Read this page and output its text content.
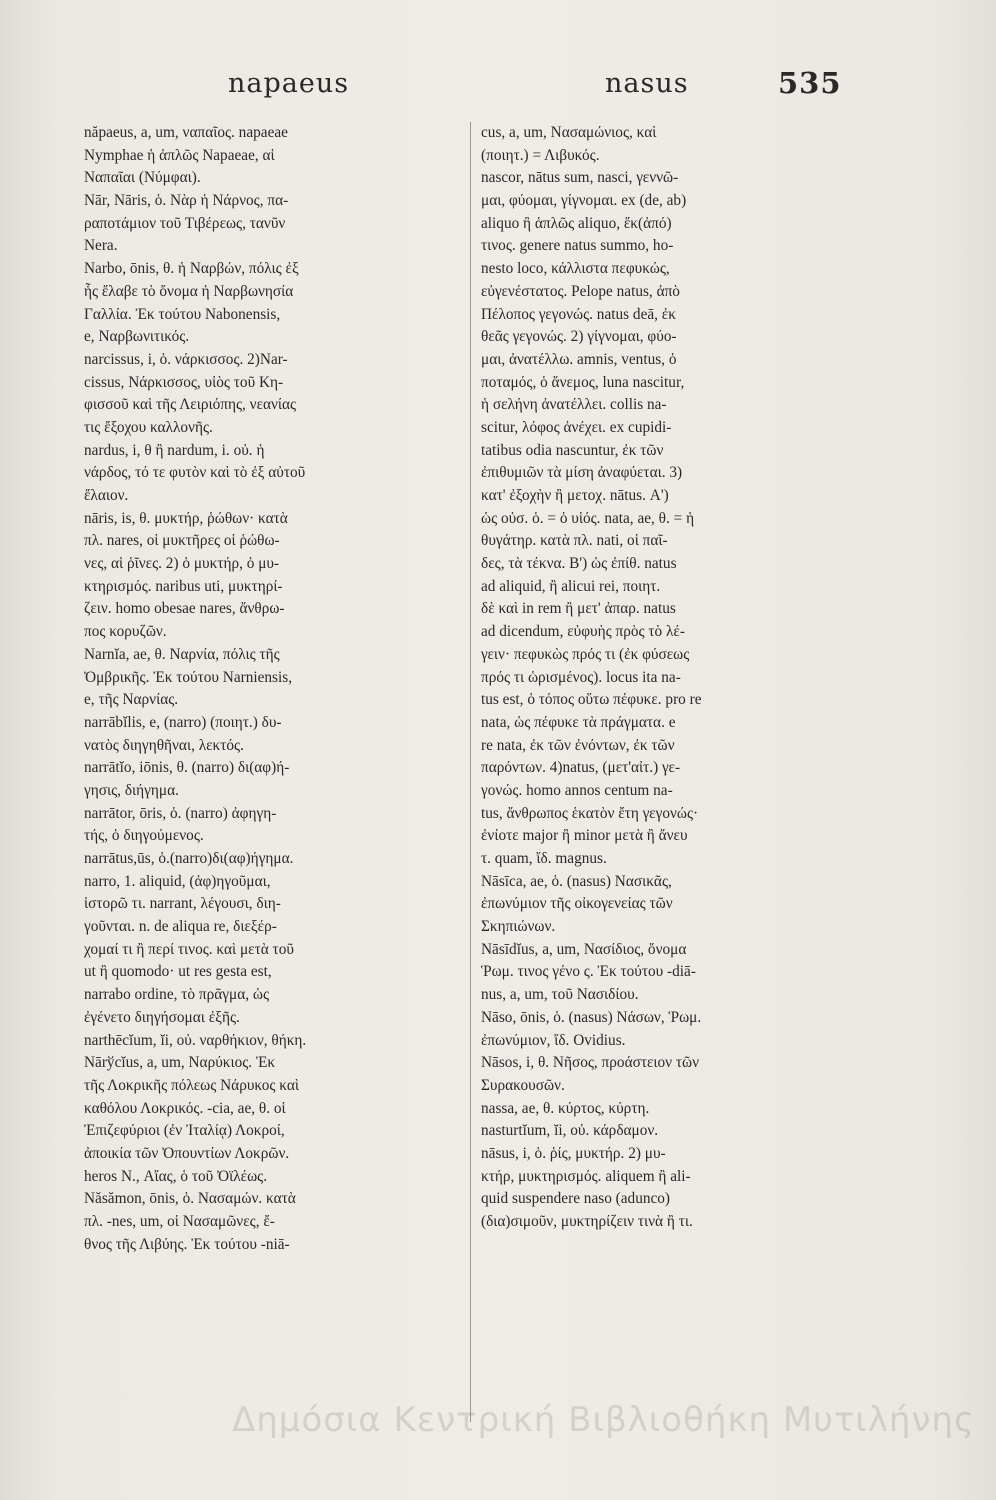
napaeus	nasus	535
năpaeus, a, um, ναπαῖος. napaeae
Nymphae ἡ ἁπλῶς Napaeae, αἱ
Ναπαῖαι (Νύμφαι).
Nār, Nāris, ὁ. Νὰρ ἡ Νάρνος, πα-
ραποτάμιον τοῦ Τιβέρεως, τανῦν
Nera.
Narbo, ōnis, θ. ἡ Ναρβών, πόλις ἐξ
ἧς ἔλαβε τὸ ὄνομα ἡ Ναρβωνησία
Γαλλία. Ἐκ τούτου Nabonensis,
e, Ναρβωνιτικός.
narcissus, i, ὁ. νάρκισσος. 2)Nar-
cissus, Νάρκισσος, υἱὸς τοῦ Κη-
φισσοῦ καὶ τῆς Λειριόπης, νεανίας
τις ἔξοχου καλλονῆς.
nardus, i, θ ἢ nardum, i. οὐ. ἡ
νάρδος, τό τε φυτὸν καὶ τὸ ἐξ αὐτοῦ
ἔλαιον.
nāris, is, θ. μυκτήρ, ῥώθων· κατὰ
πλ. nares, οἱ μυκτῆρες οἱ ῥώθω-
νες, αἱ ῥῖνες. 2) ὁ μυκτήρ, ὁ μυ-
κτηρισμός. naribus uti, μυκτηρί-
ζειν. homo obesae nares, ἄνθρω-
πος κορυζῶν.
Narnĭa, ae, θ. Ναρνία, πόλις τῆς
Ὀμβρικῆς. Ἐκ τούτου Narniensis,
e, τῆς Ναρνίας.
narrābĭlis, e, (narro) (ποιητ.) δυ-
νατὸς διηγηθῆναι, λεκτός.
narrātĭo, iōnis, θ. (narro) δι(αφ)ή-
γησις, διήγημα.
narrātor, ōris, ὁ. (narro) ἀφηγη-
τής, ὁ διηγούμενος.
narrātus,ūs, ὁ.(narro)δι(αφ)ήγημα.
narro, 1. aliquid, (ἀφ)ηγοῦμαι,
ἱστορῶ τι. narrant, λέγουσι, διη-
γοῦνται. n. de aliqua re, διεξέρ-
χομαί τι ἢ περί τινος. καὶ μετὰ τοῦ
ut ἢ quomodo· ut res gesta est,
narrabo ordine, τὸ πρᾶγμα, ὡς
ἐγένετο διηγήσομαι ἐξῆς.
narthēcĭum, ĭi, οὐ. ναρθήκιον, θήκη.
Nārўcĭus, a, um, Ναρύκιος. Ἐκ
τῆς Λοκρικῆς πόλεως Νάρυκος καὶ
καθόλου Λοκρικός. -cia, ae, θ. οἱ
Ἐπιζεφύριοι (ἐν Ἰταλίᾳ) Λοκροί,
ἀποικία τῶν Ὀπουντίων Λοκρῶν.
heros N., Αἴας, ὁ τοῦ Ὀϊλέως.
Năsămon, ōnis, ὁ. Νασαμών. κατὰ
πλ. -nes, um, οἱ Νασαμῶνες, ἔ-
θνος τῆς Λιβύης. Ἐκ τούτου -niā-
cus, a, um, Νασαμώνιος, καὶ
(ποιητ.) = Λιβυκός.
nascor, nātus sum, nasci, γεννῶ-
μαι, φύομαι, γίγνομαι. ex (de, ab)
aliquo ἢ ἁπλῶς aliquo, ἔκ(ἀπό)
τινος. genere natus summo, ho-
nesto loco, κάλλιστα πεφυκώς,
εὐγενέστατος. Pelope natus, ἀπὸ
Πέλοπος γεγονώς. natus deā, ἐκ
θεᾶς γεγονώς. 2) γίγνομαι, φύο-
μαι, ἀνατέλλω. amnis, ventus, ὁ
ποταμός, ὁ ἄνεμος, luna nascitur,
ἡ σελήνη ἀνατέλλει. collis na-
scitur, λόφος ἀνέχει. ex cupidi-
tatibus odia nascuntur, ἐκ τῶν
ἐπιθυμιῶν τὰ μίση ἀναφύεται. 3)
κατ' ἐξοχὴν ἢ μετοχ. nātus. Α')
ὡς οὐσ. ὁ. = ὁ υἱός. nata, ae, θ. = ἡ
θυγάτηρ. κατὰ πλ. nati, οἱ παῖ-
δες, τὰ τέκνα. Β') ὡς ἐπίθ. natus
ad aliquid, ἢ alicui rei, ποιητ.
δὲ καὶ in rem ἢ μετ' ἀπαρ. natus
ad dicendum, εὐφυὴς πρὸς τὸ λέ-
γειν· πεφυκὼς πρός τι (ἐκ φύσεως
πρός τι ὡρισμένος). locus ita na-
tus est, ὁ τόπος οὕτω πέφυκε. pro re
nata, ὡς πέφυκε τὰ πράγματα. e
re nata, ἐκ τῶν ἐνόντων, ἐκ τῶν
παρόντων. 4)natus, (μετ'αἰτ.) γε-
γονώς. homo annos centum na-
tus, ἄνθρωπος ἑκατὸν ἔτη γεγονώς·
ἐνίοτε major ἢ minor μετὰ ἢ ἄνευ
τ. quam, ἴδ. magnus.
Nāsīca, ae, ὁ. (nasus) Νασικᾶς,
ἐπωνύμιον τῆς οἰκογενείας τῶν
Σκηπιώνων.
Nāsīdĭus, a, um, Νασίδιος, ὄνομα
Ῥωμ. τινος γένο ς. Ἐκ τούτου -diā-
nus, a, um, τοῦ Νασιδίου.
Nāso, ōnis, ὁ. (nasus) Νάσων, Ῥωμ.
ἐπωνύμιον, ἴδ. Ovidius.
Nāsos, i, θ. Νῆσος, προάστειον τῶν
Συρακουσῶν.
nassa, ae, θ. κύρτος, κύρτη.
nasturtĭum, ĭi, οὐ. κάρδαμον.
nāsus, i, ὁ. ῥίς, μυκτήρ. 2) μυ-
κτήρ, μυκτηρισμός. aliquem ἢ ali-
quid suspendere naso (adunco)
(δια)σιμοῦν, μυκτηρίζειν τινὰ ἢ τι.
Δημόσια Κεντρική Βιβλιοθήκη Μυτιλήνης
